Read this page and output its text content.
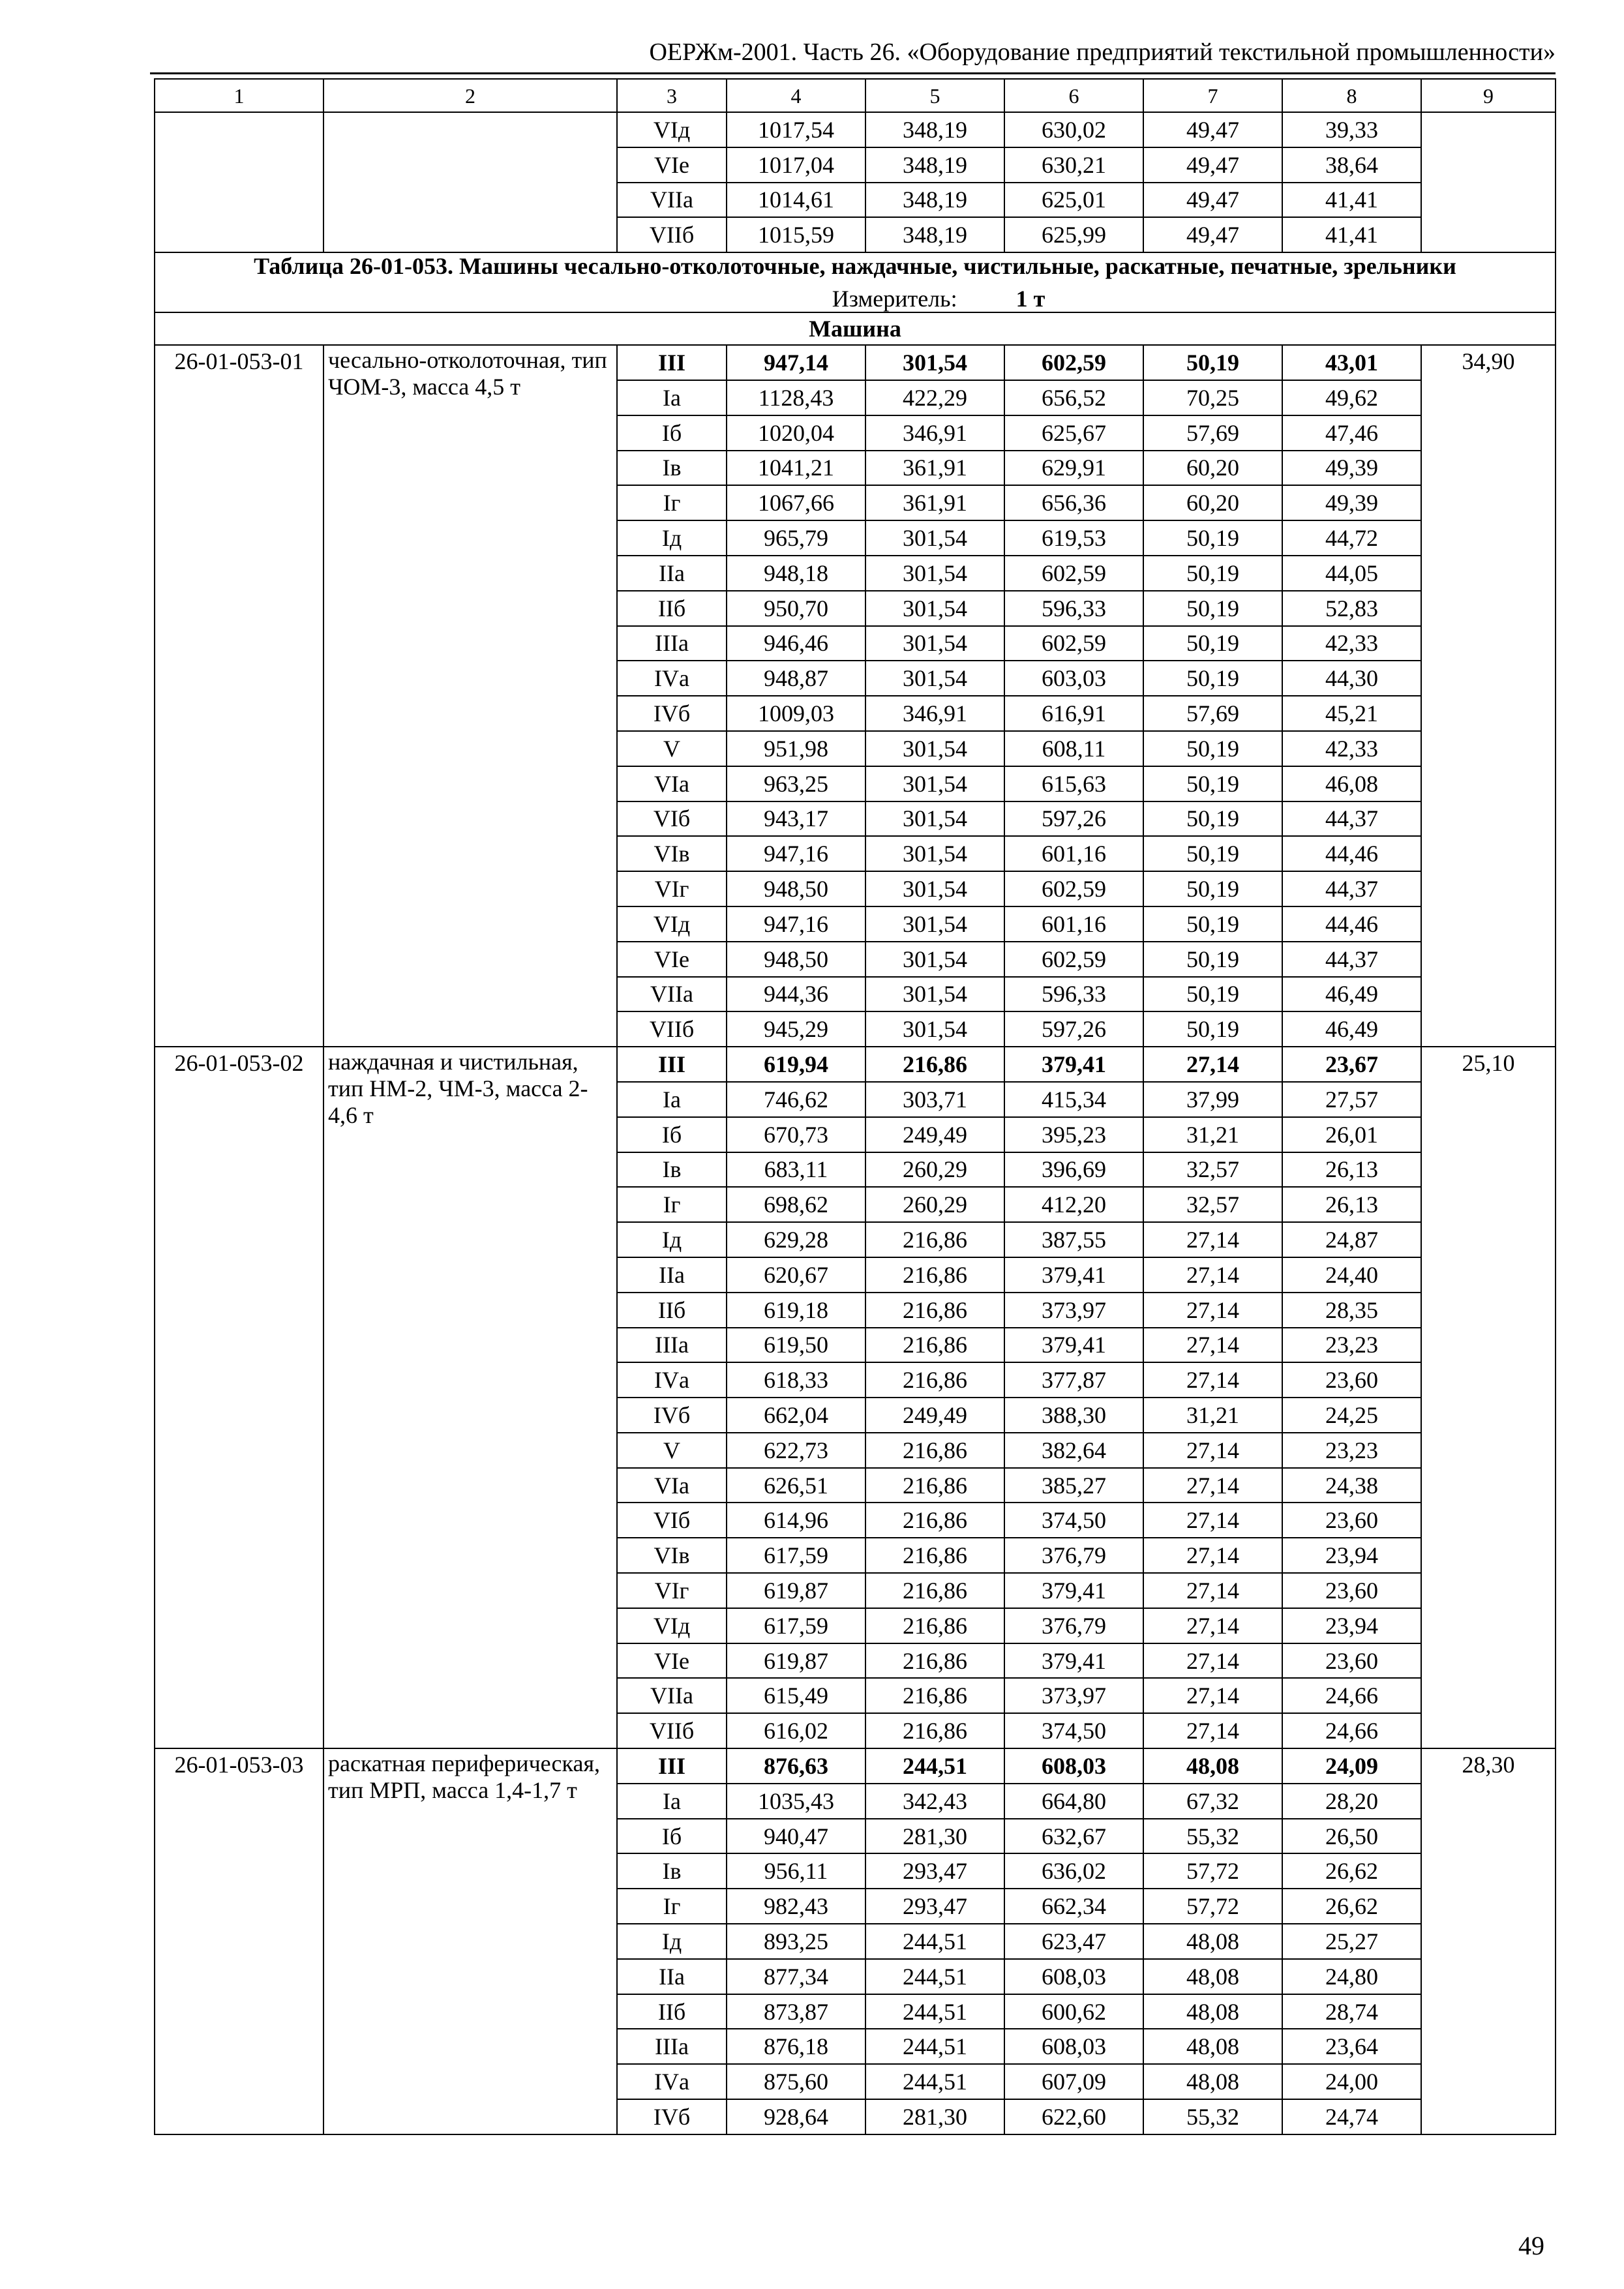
ОЕРЖм-2001. Часть 26. «Оборудование предприятий текстильной промышленности»
1	2	3	4	5	6	7	8	9
		VIд	1017,54	348,19	630,02	49,47	39,33	
		VIе	1017,04	348,19	630,21	49,47	38,64	
		VIIа	1014,61	348,19	625,01	49,47	41,41	
		VIIб	1015,59	348,19	625,99	49,47	41,41	

Таблица 26-01-053. Машины чесально-отколоточные, наждачные, чистильные, раскатные, печатные, зрельники
Измеритель: 1 т								

Машина								
26-01-053-01	чесально-отколоточная, тип ЧОМ-3, масса 4,5 т	III	947,14	301,54	602,59	50,19	43,01	34,90
		Iа	1128,43	422,29	656,52	70,25	49,62	
		Iб	1020,04	346,91	625,67	57,69	47,46	
		Iв	1041,21	361,91	629,91	60,20	49,39	
		Iг	1067,66	361,91	656,36	60,20	49,39	
		Iд	965,79	301,54	619,53	50,19	44,72	
		IIа	948,18	301,54	602,59	50,19	44,05	
		IIб	950,70	301,54	596,33	50,19	52,83	
		IIIа	946,46	301,54	602,59	50,19	42,33	
		IVа	948,87	301,54	603,03	50,19	44,30	
		IVб	1009,03	346,91	616,91	57,69	45,21	
		V	951,98	301,54	608,11	50,19	42,33	
		VIа	963,25	301,54	615,63	50,19	46,08	
		VIб	943,17	301,54	597,26	50,19	44,37	
		VIв	947,16	301,54	601,16	50,19	44,46	
		VIг	948,50	301,54	602,59	50,19	44,37	
		VIд	947,16	301,54	601,16	50,19	44,46	
		VIе	948,50	301,54	602,59	50,19	44,37	
		VIIа	944,36	301,54	596,33	50,19	46,49	
		VIIб	945,29	301,54	597,26	50,19	46,49	
26-01-053-02	наждачная и чистильная, тип НМ-2, ЧМ-3, масса 2-4,6 т	III	619,94	216,86	379,41	27,14	23,67	25,10
		Iа	746,62	303,71	415,34	37,99	27,57	
		Iб	670,73	249,49	395,23	31,21	26,01	
		Iв	683,11	260,29	396,69	32,57	26,13	
		Iг	698,62	260,29	412,20	32,57	26,13	
		Iд	629,28	216,86	387,55	27,14	24,87	
		IIа	620,67	216,86	379,41	27,14	24,40	
		IIб	619,18	216,86	373,97	27,14	28,35	
		IIIа	619,50	216,86	379,41	27,14	23,23	
		IVа	618,33	216,86	377,87	27,14	23,60	
		IVб	662,04	249,49	388,30	31,21	24,25	
		V	622,73	216,86	382,64	27,14	23,23	
		VIа	626,51	216,86	385,27	27,14	24,38	
		VIб	614,96	216,86	374,50	27,14	23,60	
		VIв	617,59	216,86	376,79	27,14	23,94	
		VIг	619,87	216,86	379,41	27,14	23,60	
		VIд	617,59	216,86	376,79	27,14	23,94	
		VIе	619,87	216,86	379,41	27,14	23,60	
		VIIа	615,49	216,86	373,97	27,14	24,66	
		VIIб	616,02	216,86	374,50	27,14	24,66	
26-01-053-03	раскатная периферическая, тип МРП, масса 1,4-1,7 т	III	876,63	244,51	608,03	48,08	24,09	28,30
		Iа	1035,43	342,43	664,80	67,32	28,20	
		Iб	940,47	281,30	632,67	55,32	26,50	
		Iв	956,11	293,47	636,02	57,72	26,62	
		Iг	982,43	293,47	662,34	57,72	26,62	
		Iд	893,25	244,51	623,47	48,08	25,27	
		IIа	877,34	244,51	608,03	48,08	24,80	
		IIб	873,87	244,51	600,62	48,08	28,74	
		IIIа	876,18	244,51	608,03	48,08	23,64	
		IVа	875,60	244,51	607,09	48,08	24,00	
		IVб	928,64	281,30	622,60	55,32	24,74	
49
